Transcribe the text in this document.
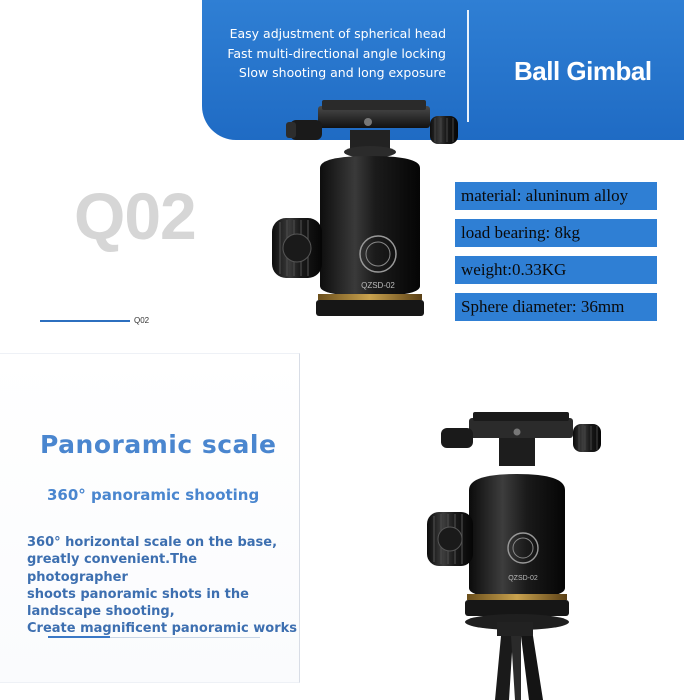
Easy adjustment of spherical head
Fast multi-directional angle locking
Slow shooting and long exposure	Ball Gimbal
Q02
Q02
QZSD-02
material: aluninum alloy
load bearing: 8kg
weight:0.33KG
Sphere diameter: 36mm
Panoramic scale
360° panoramic shooting
360° horizontal scale on the base,
greatly convenient.The photographer
shoots panoramic shots in the
landscape shooting,
Create magnificent panoramic works
QZSD-02
